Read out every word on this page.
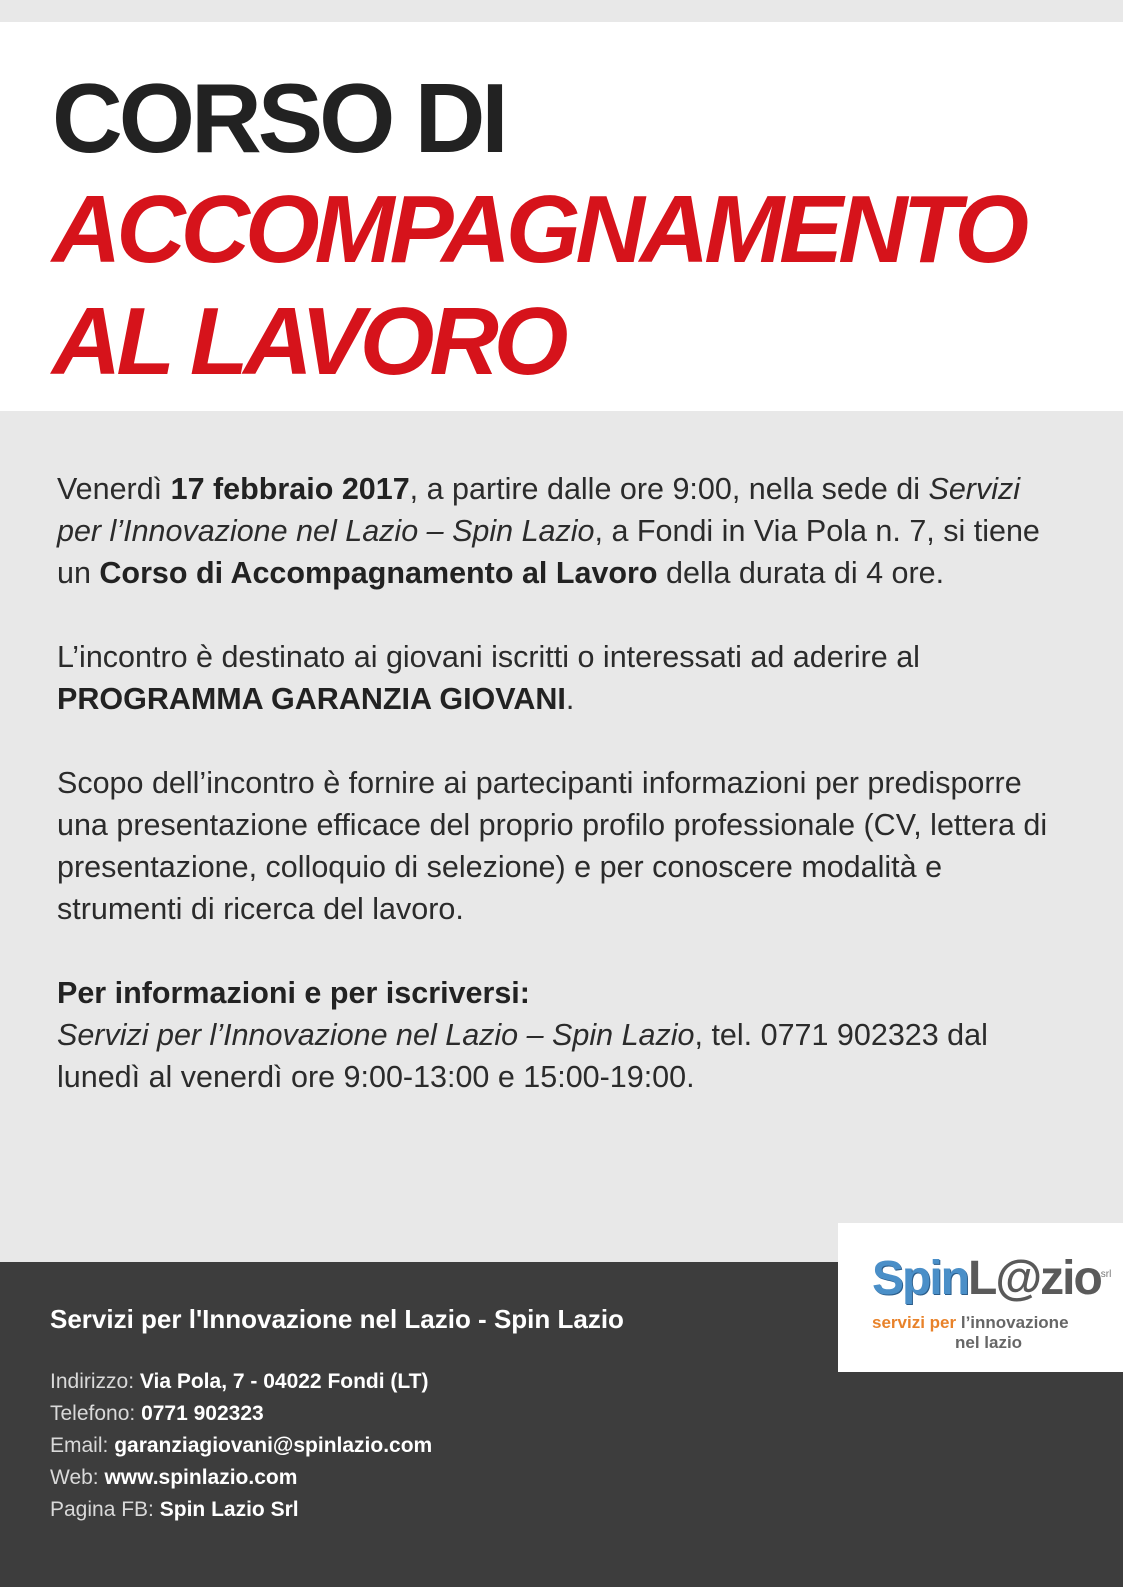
CORSO DI
ACCOMPAGNAMENTO
AL LAVORO

Venerdì 17 febbraio 2017, a partire dalle ore 9:00, nella sede di Servizi per l’Innovazione nel Lazio – Spin Lazio, a Fondi in Via Pola n. 7, si tiene un Corso di Accompagnamento al Lavoro della durata di 4 ore.

L’incontro è destinato ai giovani iscritti o interessati ad aderire al PROGRAMMA GARANZIA GIOVANI.

Scopo dell’incontro è fornire ai partecipanti informazioni per predisporre una presentazione efficace del proprio profilo professionale (CV, lettera di presentazione, colloquio di selezione) e per conoscere modalità e strumenti di ricerca del lavoro.

Per informazioni e per iscriversi:
Servizi per l’Innovazione nel Lazio – Spin Lazio, tel. 0771 902323 dal lunedì al venerdì ore 9:00-13:00 e 15:00-19:00.

Servizi per l'Innovazione nel Lazio - Spin Lazio
Indirizzo: Via Pola, 7 - 04022 Fondi (LT)
Telefono: 0771 902323
Email: garanziagiovani@spinlazio.com
Web: www.spinlazio.com
Pagina FB: Spin Lazio Srl
SpinL@zio$^{srl}$
servizi per l’innovazione
nel lazio
